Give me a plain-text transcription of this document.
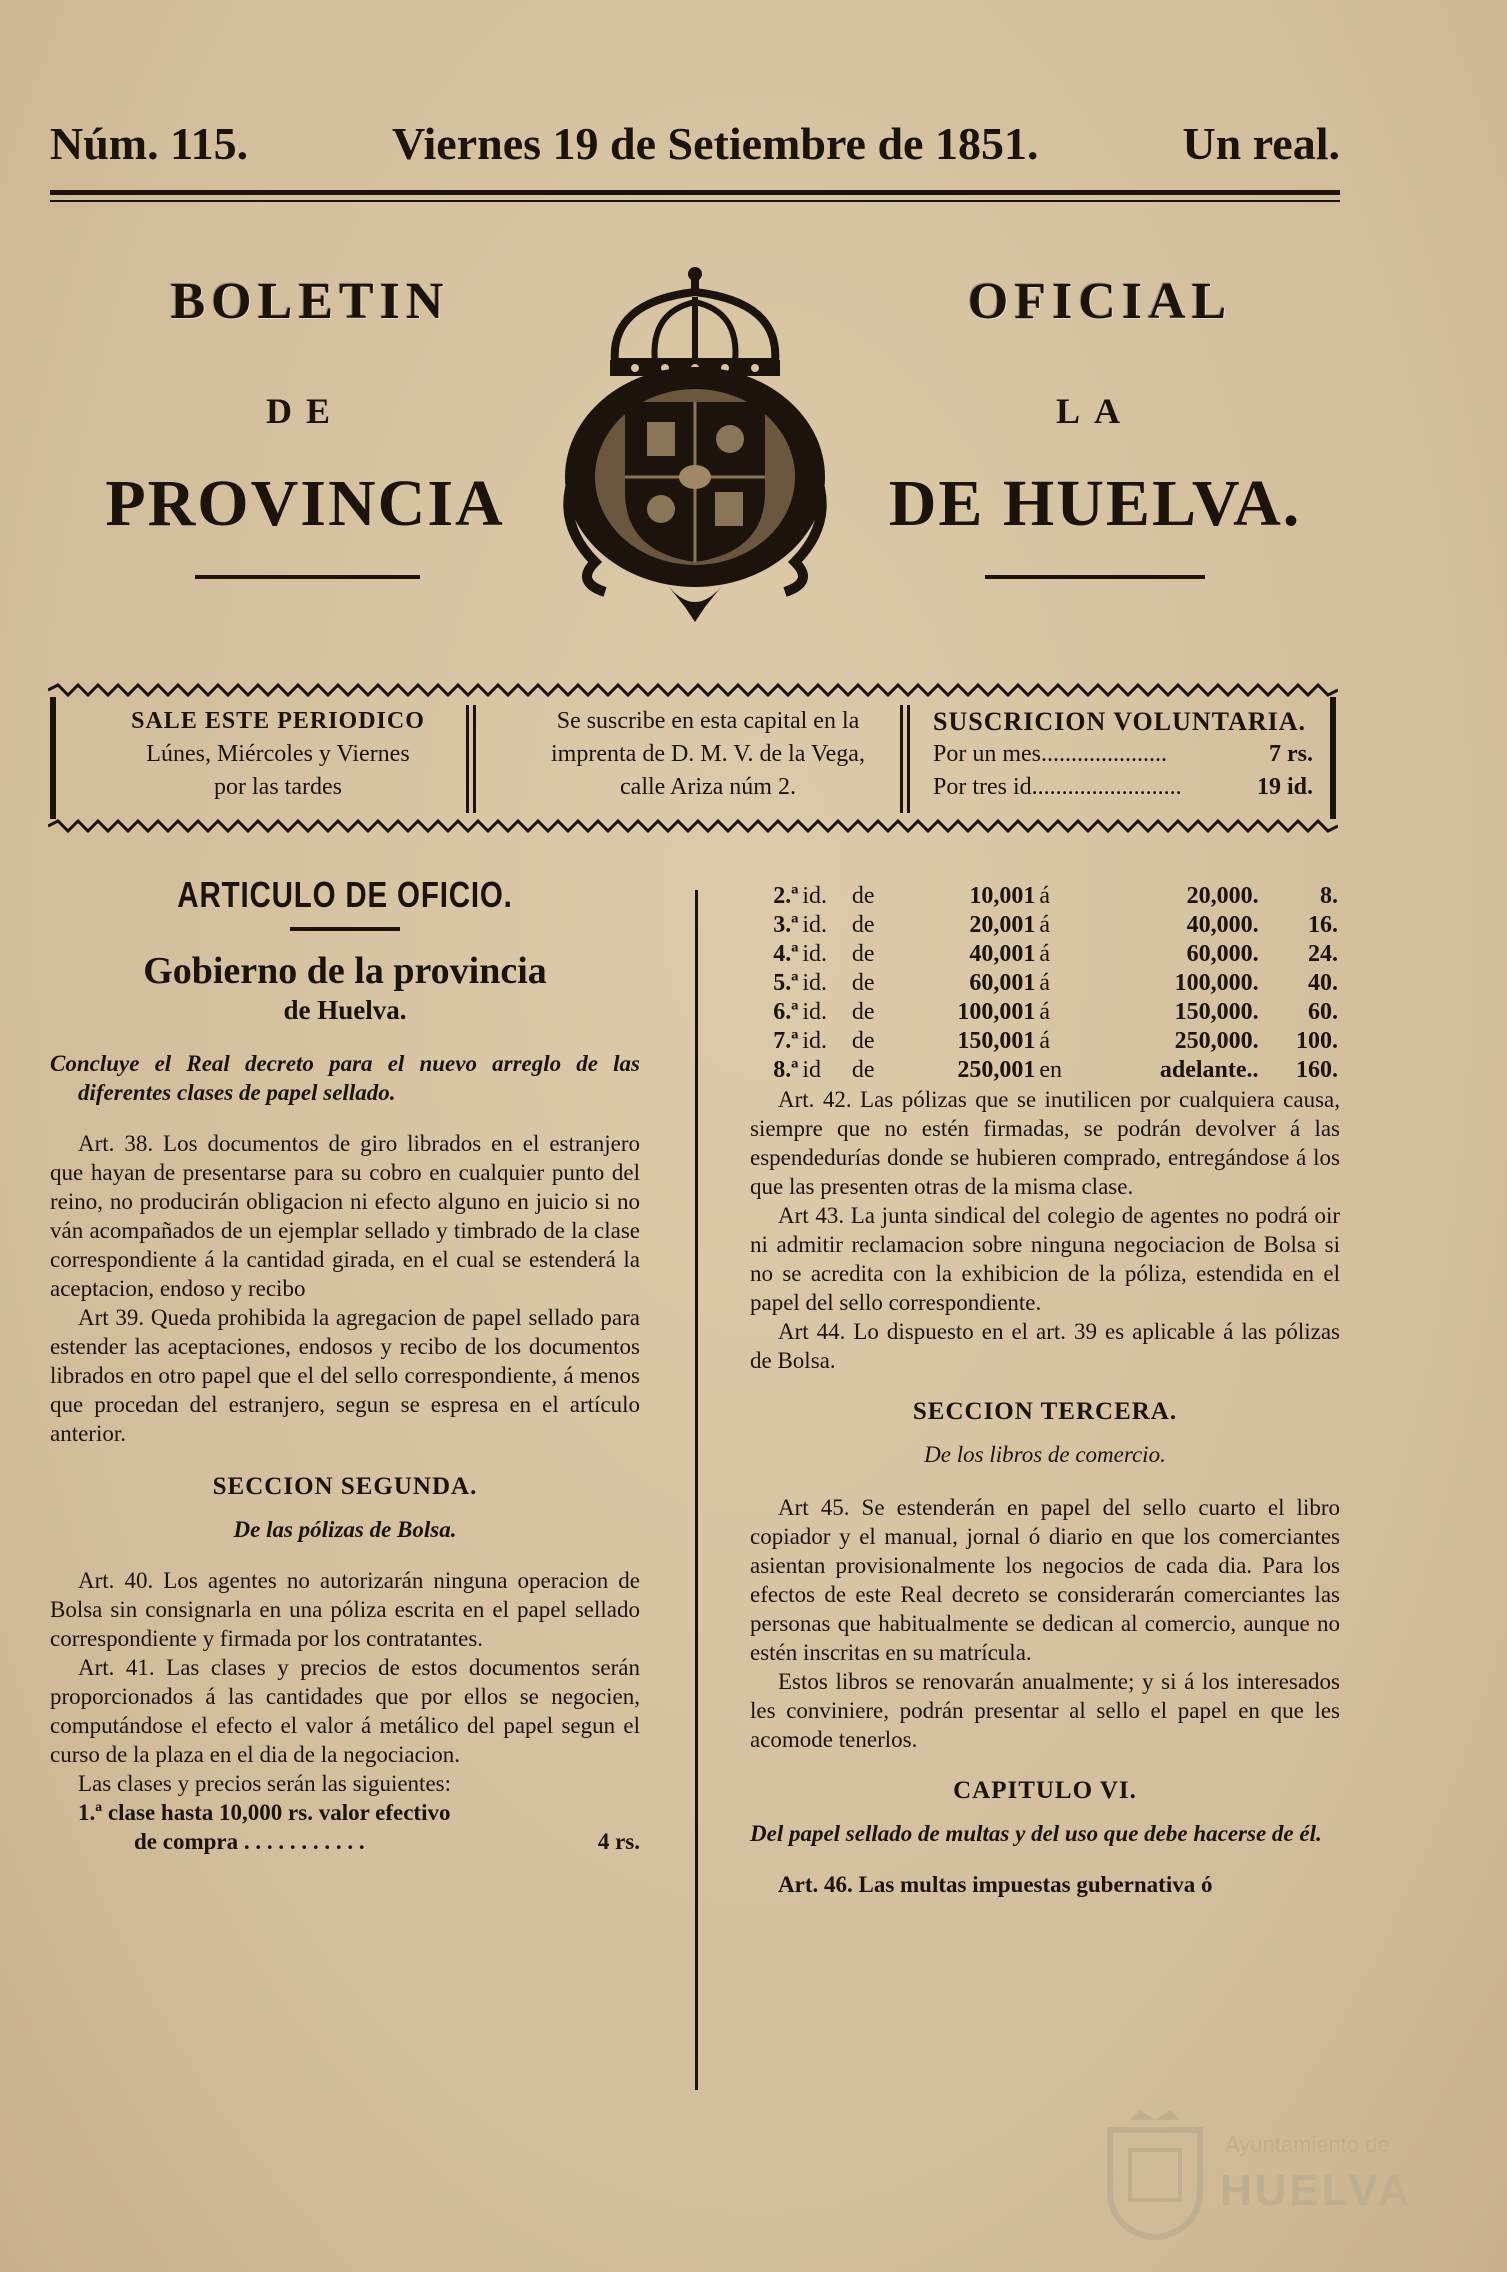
Núm. 115.	Viernes 19 de Setiembre de 1851.	Un real.
BOLETIN	OFICIAL
DE	LA
PROVINCIA	DE HUELVA.
SALE ESTE PERIODICO
Lúnes, Miércoles y Viernes
por las tardes
Se suscribe en esta capital en la
imprenta de D. M. V. de la Vega,
calle Ariza núm 2.
SUSCRICION VOLUNTARIA.
Por un mes.....................	7 rs.
Por tres id.........................	19 id.
ARTICULO DE OFICIO.
Gobierno de la provincia
de Huelva.

Concluye el Real decreto para el nuevo arreglo de las diferentes clases de papel sellado.

Art. 38. Los documentos de giro librados en el estranjero que hayan de presentarse para su cobro en cualquier punto del reino, no producirán obligacion ni efecto alguno en juicio si no ván acompañados de un ejemplar sellado y timbrado de la clase correspondiente á la cantidad girada, en el cual se estenderá la aceptacion, endoso y recibo

Art 39. Queda prohibida la agregacion de papel sellado para estender las aceptaciones, endosos y recibo de los documentos librados en otro papel que el del sello correspondiente, á menos que procedan del estranjero, segun se espresa en el artículo anterior.

SECCION SEGUNDA.
De las pólizas de Bolsa.

Art. 40. Los agentes no autorizarán ninguna operacion de Bolsa sin consignarla en una póliza escrita en el papel sellado correspondiente y firmada por los contratantes.

Art. 41. Las clases y precios de estos documentos serán proporcionados á las cantidades que por ellos se negocien, computándose el efecto el valor á metálico del papel segun el curso de la plaza en el dia de la negociacion.

Las clases y precios serán las siguientes:

1.ª clase hasta 10,000 rs. valor efectivo

de compra . . . . . . . . . . .	4 rs.
2.ª	id.	de	10,001	á	20,000.	8.
3.ª	id.	de	20,001	á	40,000.	16.
4.ª	id.	de	40,001	á	60,000.	24.
5.ª	id.	de	60,001	á	100,000.	40.
6.ª	id.	de	100,001	á	150,000.	60.
7.ª	id.	de	150,001	á	250,000.	100.
8.ª	id	de	250,001	en	adelante..	160.

Art. 42. Las pólizas que se inutilicen por cualquiera causa, siempre que no estén firmadas, se podrán devolver á las espendedurías donde se hubieren comprado, entregándose á los que las presenten otras de la misma clase.

Art 43. La junta sindical del colegio de agentes no podrá oir ni admitir reclamacion sobre ninguna negociacion de Bolsa si no se acredita con la exhibicion de la póliza, estendida en el papel del sello correspondiente.

Art 44. Lo dispuesto en el art. 39 es aplicable á las pólizas de Bolsa.

SECCION TERCERA.
De los libros de comercio.

Art 45. Se estenderán en papel del sello cuarto el libro copiador y el manual, jornal ó diario en que los comerciantes asientan provisionalmente los negocios de cada dia. Para los efectos de este Real decreto se considerarán comerciantes las personas que habitualmente se dedican al comercio, aunque no estén inscritas en su matrícula.

Estos libros se renovarán anualmente; y si á los interesados les conviniere, podrán presentar al sello el papel en que les acomode tenerlos.

CAPITULO VI.

Del papel sellado de multas y del uso que debe hacerse de él.

Art. 46. Las multas impuestas gubernativa ó

Ayuntamiento de
HUELVA
